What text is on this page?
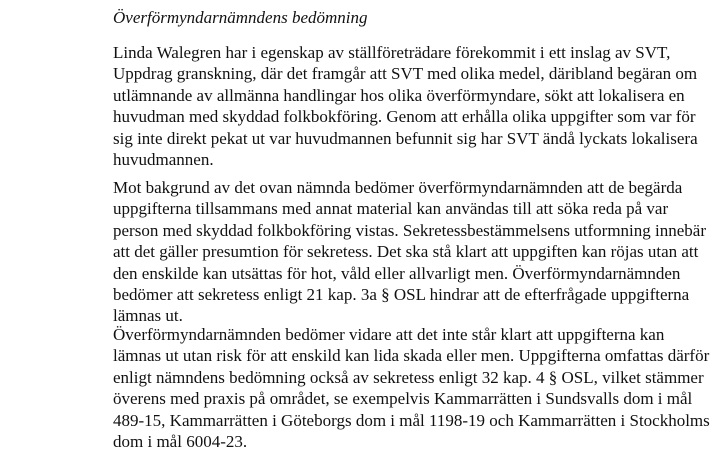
Överförmyndarnämndens bedömning

Linda Walegren har i egenskap av ställföreträdare förekommit i ett inslag av SVT,
Uppdrag granskning, där det framgår att SVT med olika medel, däribland begäran om
utlämnande av allmänna handlingar hos olika överförmyndare, sökt att lokalisera en
huvudman med skyddad folkbokföring. Genom att erhålla olika uppgifter som var för
sig inte direkt pekat ut var huvudmannen befunnit sig har SVT ändå lyckats lokalisera
huvudmannen.

Mot bakgrund av det ovan nämnda bedömer överförmyndarnämnden att de begärda
uppgifterna tillsammans med annat material kan användas till att söka reda på var
person med skyddad folkbokföring vistas. Sekretessbestämmelsens utformning innebär
att det gäller presumtion för sekretess. Det ska stå klart att uppgiften kan röjas utan att
den enskilde kan utsättas för hot, våld eller allvarligt men. Överförmyndarnämnden
bedömer att sekretess enligt 21 kap. 3a § OSL hindrar att de efterfrågade uppgifterna
lämnas ut.

Överförmyndarnämnden bedömer vidare att det inte står klart att uppgifterna kan
lämnas ut utan risk för att enskild kan lida skada eller men. Uppgifterna omfattas därför
enligt nämndens bedömning också av sekretess enligt 32 kap. 4 § OSL, vilket stämmer
överens med praxis på området, se exempelvis Kammarrätten i Sundsvalls dom i mål
489-15, Kammarrätten i Göteborgs dom i mål 1198-19 och Kammarrätten i Stockholms
dom i mål 6004-23.
